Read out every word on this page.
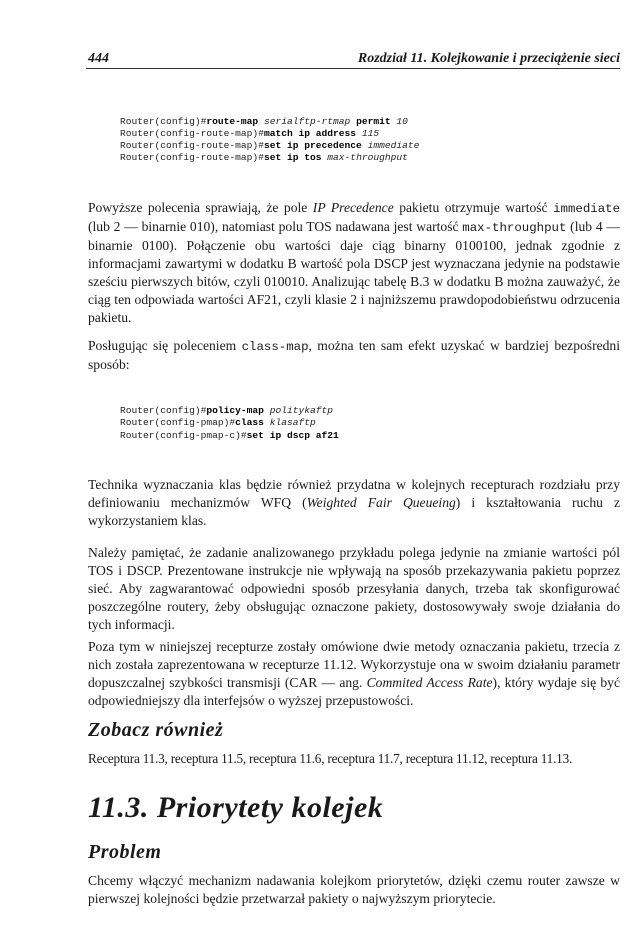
444	Rozdział 11. Kolejkowanie i przeciążenie sieci

Router(config)#route-map serialftp-rtmap permit 10
Router(config-route-map)#match ip address 115
Router(config-route-map)#set ip precedence immediate
Router(config-route-map)#set ip tos max-throughput

Powyższe polecenia sprawiają, że pole IP Precedence pakietu otrzymuje wartość immediate (lub 2 — binarnie 010), natomiast polu TOS nadawana jest wartość max-throughput (lub 4 — binarnie 0100). Połączenie obu wartości daje ciąg binarny 0100100, jednak zgodnie z informacjami zawartymi w dodatku B wartość pola DSCP jest wyznaczana jedynie na podstawie sześciu pierwszych bitów, czyli 010010. Analizując tabelę B.3 w dodatku B można zauważyć, że ciąg ten odpowiada wartości AF21, czyli klasie 2 i najniższemu prawdopodobieństwu odrzucenia pakietu.
Posługując się poleceniem class-map, można ten sam efekt uzyskać w bardziej bezpośredni sposób:

Router(config)#policy-map politykaftp
Router(config-pmap)#class klasaftp
Router(config-pmap-c)#set ip dscp af21

Technika wyznaczania klas będzie również przydatna w kolejnych recepturach rozdziału przy definiowaniu mechanizmów WFQ (Weighted Fair Queueing) i kształtowania ruchu z wykorzystaniem klas.
Należy pamiętać, że zadanie analizowanego przykładu polega jedynie na zmianie wartości pól TOS i DSCP. Prezentowane instrukcje nie wpływają na sposób przekazywania pakietu poprzez sieć. Aby zagwarantować odpowiedni sposób przesyłania danych, trzeba tak skonfigurować poszczególne routery, żeby obsługując oznaczone pakiety, dostosowywały swoje działania do tych informacji.
Poza tym w niniejszej recepturze zostały omówione dwie metody oznaczania pakietu, trzecia z nich została zaprezentowana w recepturze 11.12. Wykorzystuje ona w swoim działaniu parametr dopuszczalnej szybkości transmisji (CAR — ang. Commited Access Rate), który wydaje się być odpowiedniejszy dla interfejsów o wyższej przepustowości.
Zobacz również
Receptura 11.3, receptura 11.5, receptura 11.6, receptura 11.7, receptura 11.12, receptura 11.13.
11.3. Priorytety kolejek
Problem
Chcemy włączyć mechanizm nadawania kolejkom priorytetów, dzięki czemu router zawsze w pierwszej kolejności będzie przetwarzał pakiety o najwyższym priorytecie.
